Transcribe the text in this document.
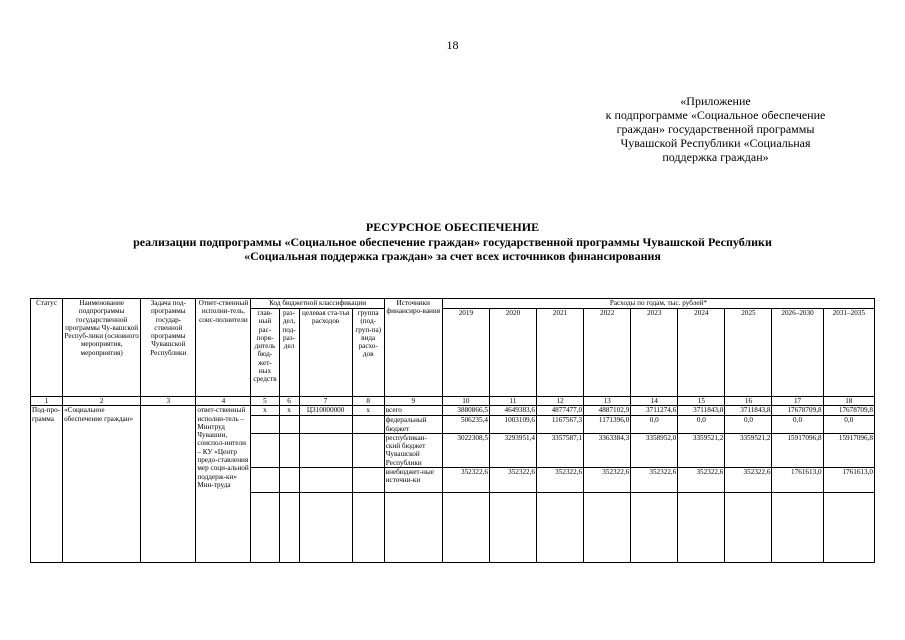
18
«Приложение
к подпрограмме «Социальное обеспечение
граждан» государственной программы
Чувашской Республики «Социальная
поддержка граждан»
РЕСУРСНОЕ ОБЕСПЕЧЕНИЕ
реализации подпрограммы «Социальное обеспечение граждан» государственной программы Чувашской Республики
«Социальная поддержка граждан» за счет всех источников финансирования
Статус	Наименование подпрограммы государственной программы Чу-вашской Респуб-лики (основного мероприятия, мероприятия)	Задача под-программы государ-ственной программы Чувашской Республики	Ответ-ственный исполни-тель, соис-полнители	Код бюджетной классификации				Источники финансиро-вания	Расходы по годам, тыс. рублей*								
				глав-ный рас-поря-дитель бюд-жет-ных средств	раз-дел, под-раз-дел	целевая ста-тья расходов	группа (под-груп-па) вида расхо-дов		2019	2020	2021	2022	2023	2024	2025	2026–2030	2031–2035
1	2	3	4	5	6	7	8	9	10	11	12	13	14	15	16	17	18
Под-про-грамма	«Социальное обеспечение граждан»		ответ-ственный исполни-тель – Минтруд Чувашии, соиспол-нители – КУ «Центр предо-ставления мер соци-альной поддерж-ки» Мин-труда	х	х	Ц310000000	х	всего	3880866,5	4649383,6	4877477,0	4887102,9	3711274,6	3711843,8	3711843,8	17678709,8	17678709,8
								федеральный бюджет	506235,4	1003109,6	1167567,3	1171396,0	0,0	0,0	0,0	0,0	0,0
								республикан-ский бюджет Чувашской Республики	3022308,5	3293951,4	3357587,1	3363384,3	3358952,0	3359521,2	3359521,2	15917096,8	15917096,8
								внебюджет-ные источни-ки	352322,6	352322,6	352322,6	352322,6	352322,6	352322,6	352322,6	1761613,0	1761613,0
